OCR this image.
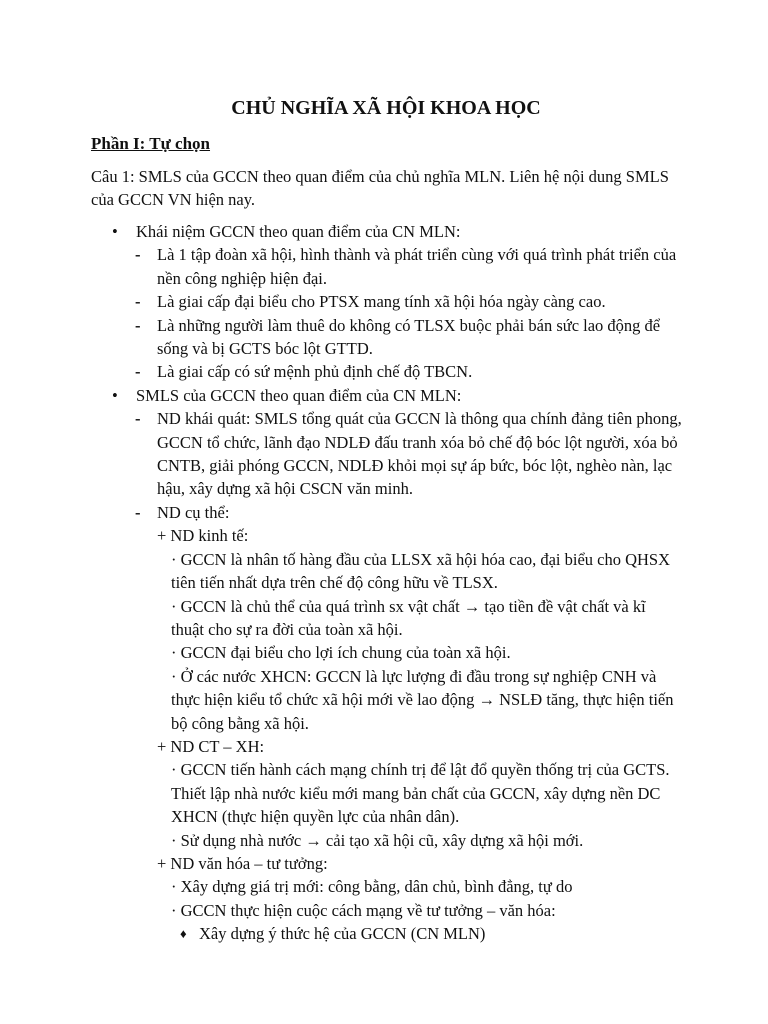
CHỦ NGHĨA XÃ HỘI KHOA HỌC
Phần I: Tự chọn
Câu 1: SMLS của GCCN theo quan điểm của chủ nghĩa MLN. Liên hệ nội dung SMLS của GCCN VN hiện nay.
• Khái niệm GCCN theo quan điểm của CN MLN:
- Là 1 tập đoàn xã hội, hình thành và phát triển cùng với quá trình phát triển của nền công nghiệp hiện đại.
- Là giai cấp đại biểu cho PTSX mang tính xã hội hóa ngày càng cao.
- Là những người làm thuê do không có TLSX buộc phải bán sức lao động để sống và bị GCTS bóc lột GTTD.
- Là giai cấp có sứ mệnh phủ định chế độ TBCN.
• SMLS của GCCN theo quan điểm của CN MLN:
- ND khái quát: SMLS tổng quát của GCCN là thông qua chính đảng tiên phong, GCCN tổ chức, lãnh đạo NDLĐ đấu tranh xóa bỏ chế độ bóc lột người, xóa bỏ CNTB, giải phóng GCCN, NDLĐ khỏi mọi sự áp bức, bóc lột, nghèo nàn, lạc hậu, xây dựng xã hội CSCN văn minh.
- ND cụ thể:
+ ND kinh tế:
· GCCN là nhân tố hàng đầu của LLSX xã hội hóa cao, đại biểu cho QHSX tiên tiến nhất dựa trên chế độ công hữu về TLSX.
· GCCN là chủ thể của quá trình sx vật chất → tạo tiền đề vật chất và kĩ thuật cho sự ra đời của toàn xã hội.
· GCCN đại biểu cho lợi ích chung của toàn xã hội.
· Ở các nước XHCN: GCCN là lực lượng đi đầu trong sự nghiệp CNH và thực hiện kiểu tổ chức xã hội mới về lao động → NSLĐ tăng, thực hiện tiến bộ công bằng xã hội.
+ ND CT – XH:
· GCCN tiến hành cách mạng chính trị để lật đổ quyền thống trị của GCTS. Thiết lập nhà nước kiểu mới mang bản chất của GCCN, xây dựng nền DC XHCN (thực hiện quyền lực của nhân dân).
· Sử dụng nhà nước → cải tạo xã hội cũ, xây dựng xã hội mới.
+ ND văn hóa – tư tưởng:
· Xây dựng giá trị mới: công bằng, dân chủ, bình đẳng, tự do
· GCCN thực hiện cuộc cách mạng về tư tưởng – văn hóa:
♦ Xây dựng ý thức hệ của GCCN (CN MLN)
